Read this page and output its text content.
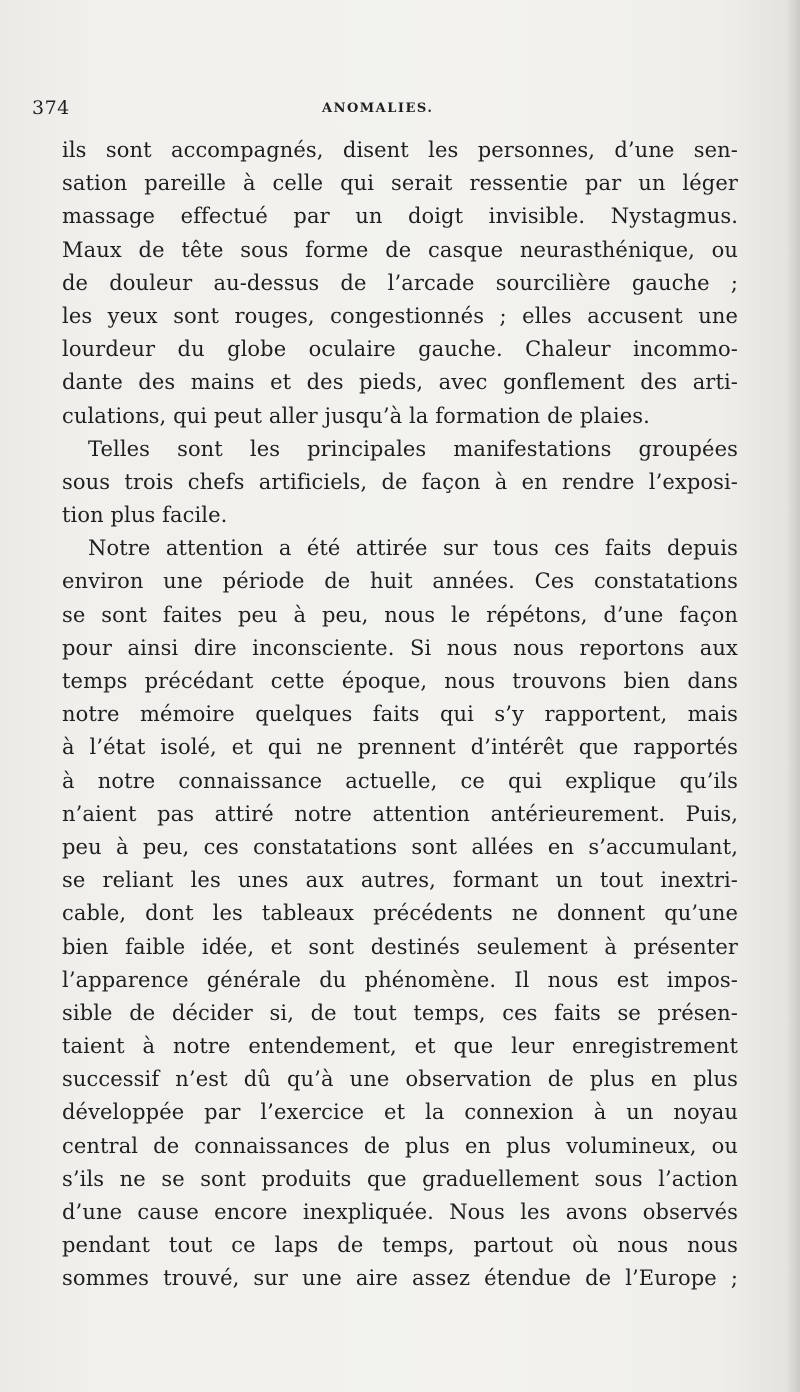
374	ANOMALIES.
ils sont accompagnés, disent les personnes, d’une sen-
sation pareille à celle qui serait ressentie par un léger
massage effectué par un doigt invisible. Nystagmus.
Maux de tête sous forme de casque neurasthénique, ou
de douleur au-dessus de l’arcade sourcilière gauche ;
les yeux sont rouges, congestionnés ; elles accusent une
lourdeur du globe oculaire gauche. Chaleur incommo-
dante des mains et des pieds, avec gonflement des arti-
culations, qui peut aller jusqu’à la formation de plaies.
Telles sont les principales manifestations groupées
sous trois chefs artificiels, de façon à en rendre l’exposi-
tion plus facile.
Notre attention a été attirée sur tous ces faits depuis
environ une période de huit années. Ces constatations
se sont faites peu à peu, nous le répétons, d’une façon
pour ainsi dire inconsciente. Si nous nous reportons aux
temps précédant cette époque, nous trouvons bien dans
notre mémoire quelques faits qui s’y rapportent, mais
à l’état isolé, et qui ne prennent d’intérêt que rapportés
à notre connaissance actuelle, ce qui explique qu’ils
n’aient pas attiré notre attention antérieurement. Puis,
peu à peu, ces constatations sont allées en s’accumulant,
se reliant les unes aux autres, formant un tout inextri-
cable, dont les tableaux précédents ne donnent qu’une
bien faible idée, et sont destinés seulement à présenter
l’apparence générale du phénomène. Il nous est impos-
sible de décider si, de tout temps, ces faits se présen-
taient à notre entendement, et que leur enregistrement
successif n’est dû qu’à une observation de plus en plus
développée par l’exercice et la connexion à un noyau
central de connaissances de plus en plus volumineux, ou
s’ils ne se sont produits que graduellement sous l’action
d’une cause encore inexpliquée. Nous les avons observés
pendant tout ce laps de temps, partout où nous nous
sommes trouvé, sur une aire assez étendue de l’Europe ;
